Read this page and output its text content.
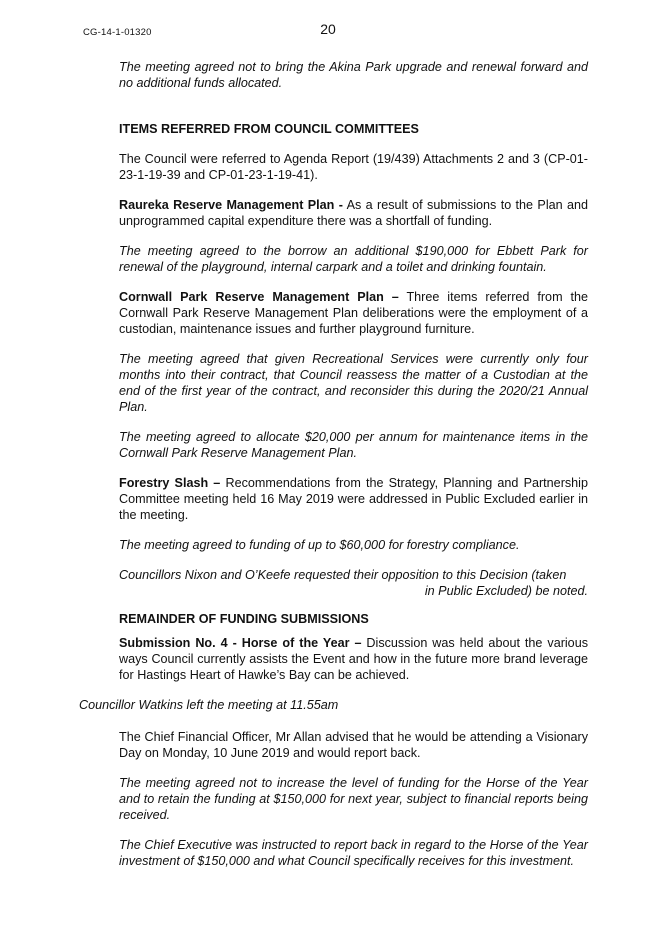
CG-14-1-01320	20

The meeting agreed not to bring the Akina Park upgrade and renewal forward and no additional funds allocated.

ITEMS REFERRED FROM COUNCIL COMMITTEES

The Council were referred to Agenda Report (19/439) Attachments 2 and 3 (CP-01-23-1-19-39 and CP-01-23-1-19-41).

Raureka Reserve Management Plan - As a result of submissions to the Plan and unprogrammed capital expenditure there was a shortfall of funding.

The meeting agreed to the borrow an additional $190,000 for Ebbett Park for renewal of the playground, internal carpark and a toilet and drinking fountain.

Cornwall Park Reserve Management Plan – Three items referred from the Cornwall Park Reserve Management Plan deliberations were the employment of a custodian, maintenance issues and further playground furniture.

The meeting agreed that given Recreational Services were currently only four months into their contract, that Council reassess the matter of a Custodian at the end of the first year of the contract, and reconsider this during the 2020/21 Annual Plan.

The meeting agreed to allocate $20,000 per annum for maintenance items in the Cornwall Park Reserve Management Plan.

Forestry Slash – Recommendations from the Strategy, Planning and Partnership Committee meeting held 16 May 2019 were addressed in Public Excluded earlier in the meeting.

The meeting agreed to funding of up to $60,000 for forestry compliance.

Councillors Nixon and O’Keefe requested their opposition to this Decision (taken

in Public Excluded) be noted.

REMAINDER OF FUNDING SUBMISSIONS

Submission No. 4 - Horse of the Year – Discussion was held about the various ways Council currently assists the Event and how in the future more brand leverage for Hastings Heart of Hawke’s Bay can be achieved.

Councillor Watkins left the meeting at 11.55am

The Chief Financial Officer, Mr Allan advised that he would be attending a Visionary Day on Monday, 10 June 2019 and would report back.

The meeting agreed not to increase the level of funding for the Horse of the Year and to retain the funding at $150,000 for next year, subject to financial reports being received.

The Chief Executive was instructed to report back in regard to the Horse of the Year investment of $150,000 and what Council specifically receives for this investment.
